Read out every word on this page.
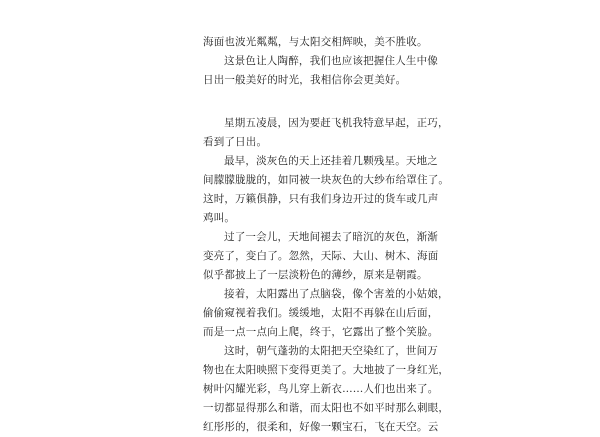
海面也波光粼粼，与太阳交相辉映，美不胜收。

这景色让人陶醉，我们也应该把握住人生中像
日出一般美好的时光，我相信你会更美好。

星期五凌晨，因为要赶飞机我特意早起，正巧，
看到了日出。

最早，淡灰色的天上还挂着几颗残星。天地之
间朦朦胧胧的，如同被一块灰色的大纱布给罩住了。
这时，万籁俱静，只有我们身边开过的货车或几声
鸡叫。

过了一会儿，天地间褪去了暗沉的灰色，渐渐
变亮了，变白了。忽然，天际、大山、树木、海面
似乎都披上了一层淡粉色的薄纱，原来是朝霞。

接着，太阳露出了点脑袋，像个害羞的小姑娘，
偷偷窥视着我们。缓缓地，太阳不再躲在山后面，
而是一点一点向上爬，终于，它露出了整个笑脸。

这时，朝气蓬勃的太阳把天空染红了，世间万
物也在太阳映照下变得更美了。大地披了一身红光，
树叶闪耀光彩，鸟儿穿上新衣……人们也出来了。
一切都显得那么和谐，而太阳也不如平时那么刺眼，
红彤彤的，很柔和，好像一颗宝石，飞在天空。云
